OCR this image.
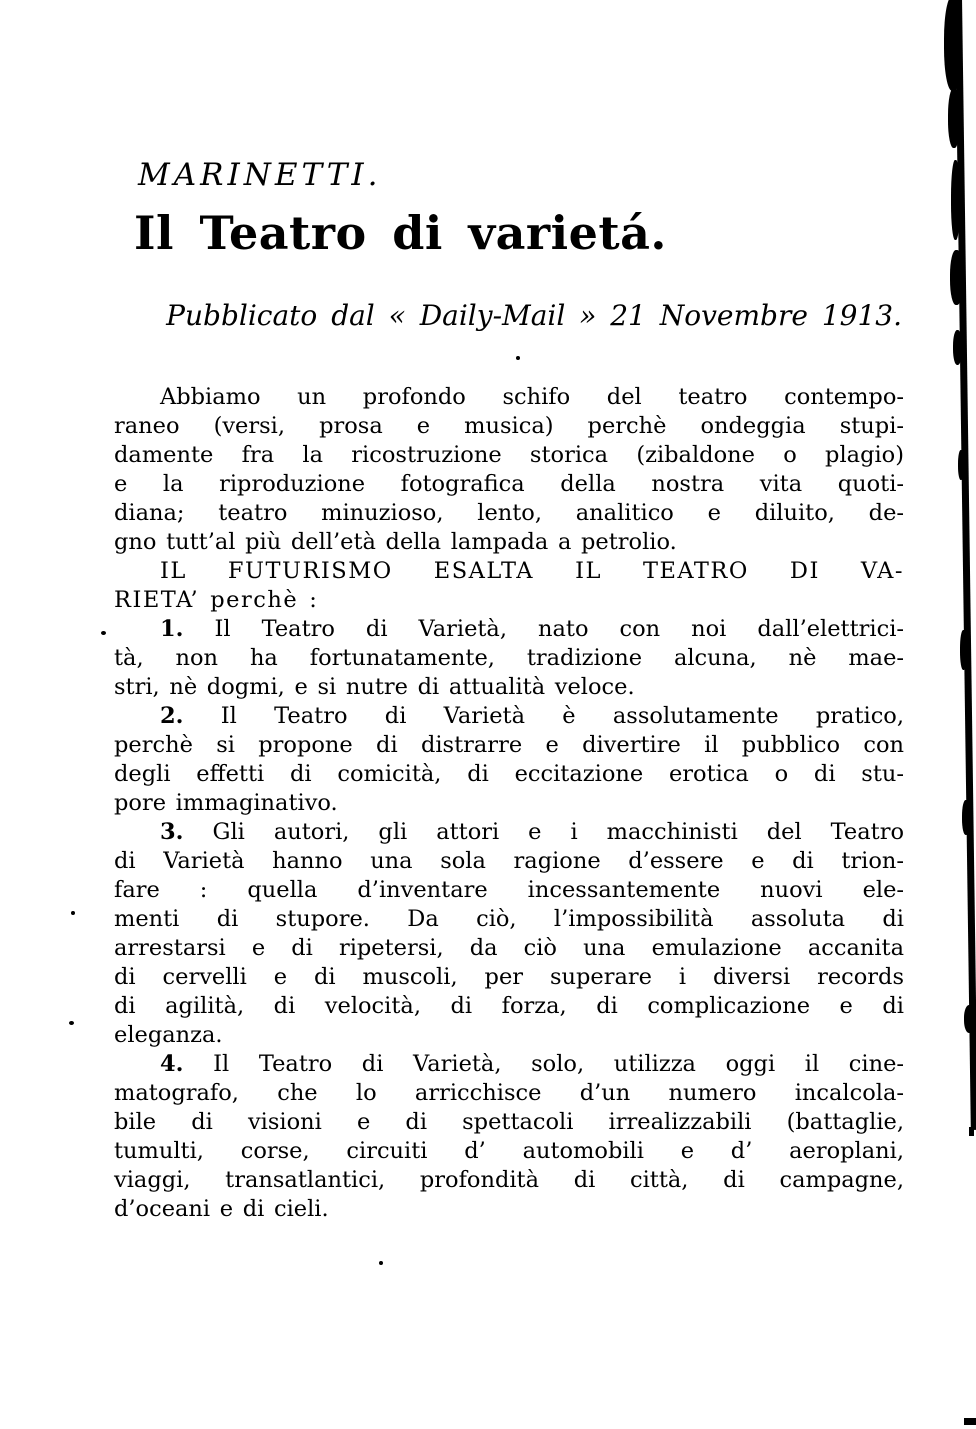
MARINETTI.
Il Teatro di varietá.
Pubblicato dal « Daily-Mail » 21 Novembre 1913.
Abbiamo un profondo schifo del teatro contempo-
raneo (versi, prosa e musica) perchè ondeggia stupi-
damente fra la ricostruzione storica (zibaldone o plagio)
e la riproduzione fotografica della nostra vita quoti-
diana; teatro minuzioso, lento, analitico e diluito, de-
gno tutt’al più dell’età della lampada a petrolio.
IL FUTURISMO ESALTA IL TEATRO DI VA-
RIETA’ perchè :
1. Il Teatro di Varietà, nato con noi dall’elettrici-
tà, non ha fortunatamente, tradizione alcuna, nè mae-
stri, nè dogmi, e si nutre di attualità veloce.
2. Il Teatro di Varietà è assolutamente pratico,
perchè si propone di distrarre e divertire il pubblico con
degli effetti di comicità, di eccitazione erotica o di stu-
pore immaginativo.
3. Gli autori, gli attori e i macchinisti del Teatro
di Varietà hanno una sola ragione d’essere e di trion-
fare : quella d’inventare incessantemente nuovi ele-
menti di stupore. Da ciò, l’impossibilità assoluta di
arrestarsi e di ripetersi, da ciò una emulazione accanita
di cervelli e di muscoli, per superare i diversi records
di agilità, di velocità, di forza, di complicazione e di
eleganza.
4. Il Teatro di Varietà, solo, utilizza oggi il cine-
matografo, che lo arricchisce d’un numero incalcola-
bile di visioni e di spettacoli irrealizzabili (battaglie,
tumulti, corse, circuiti d’ automobili e d’ aeroplani,
viaggi, transatlantici, profondità di città, di campagne,
d’oceani e di cieli.
